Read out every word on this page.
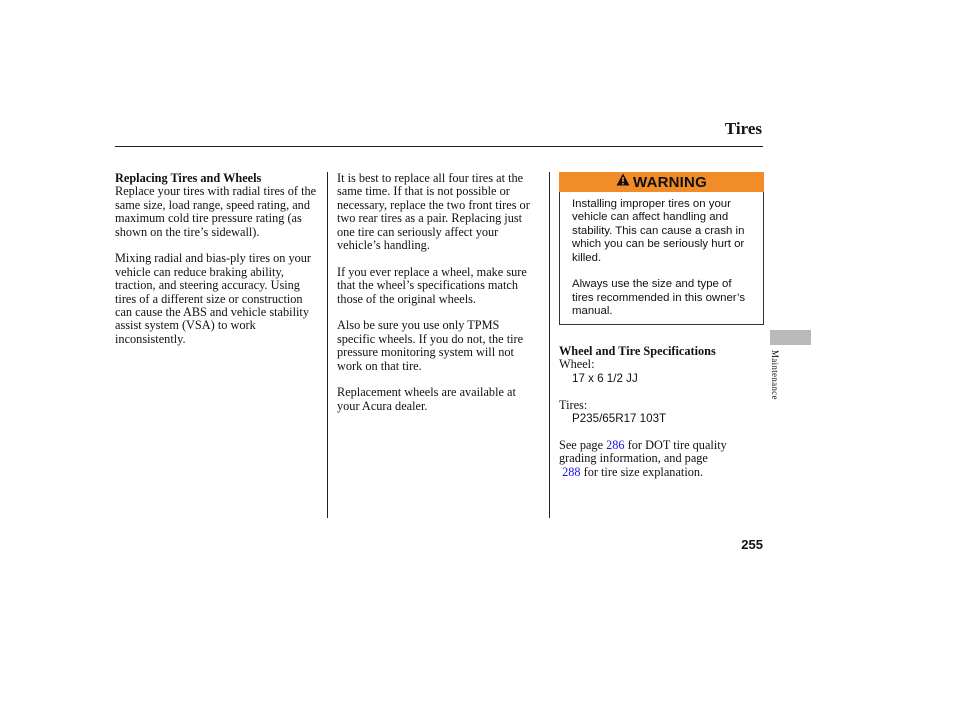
Tires
Replacing Tires and Wheels

Replace your tires with radial tires of the same size, load range, speed rating, and maximum cold tire pressure rating (as shown on the tire’s sidewall).

Mixing radial and bias-ply tires on your vehicle can reduce braking ability, traction, and steering accuracy. Using tires of a different size or construction can cause the ABS and vehicle stability assist system (VSA) to work inconsistently.

It is best to replace all four tires at the same time. If that is not possible or necessary, replace the two front tires or two rear tires as a pair. Replacing just one tire can seriously affect your vehicle’s handling.

If you ever replace a wheel, make sure that the wheel’s specifications match those of the original wheels.

Also be sure you use only TPMS specific wheels. If you do not, the tire pressure monitoring system will not work on that tire.

Replacement wheels are available at your Acura dealer.

WARNING

Installing improper tires on your vehicle can affect handling and stability. This can cause a crash in which you can be seriously hurt or killed.

Always use the size and type of tires recommended in this owner’s manual.

Wheel and Tire Specifications
Wheel:
17 x 6 1/2 JJ
Tires:
P235/65R17 103T
See page 286 for DOT tire quality grading information, and page
288 for tire size explanation.
Maintenance
255
